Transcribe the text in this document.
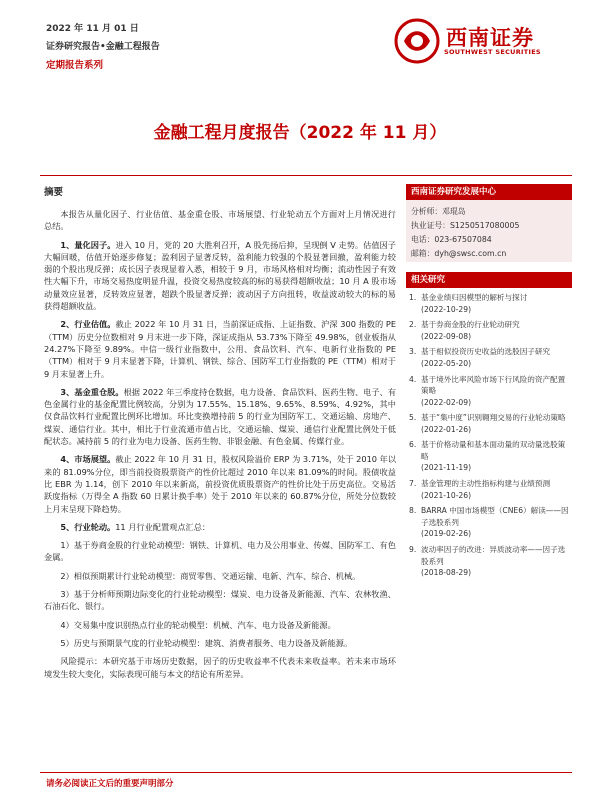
2022 年 11 月 01 日
证券研究报告•金融工程报告
定期报告系列
西南证券
SOUTHWEST SECURITIES
金融工程月度报告（2022 年 11 月）
摘要

本报告从量化因子、行业估值、基金重仓股、市场展望、行业轮动五个方面对上月情况进行总结。

1、量化因子。进入 10 月，党的 20 大胜利召开，A 股先扬后抑，呈现倒 V 走势。估值因子大幅回暖，估值开始逐步修复；盈利因子显著反转，盈利能力较强的个股显著回撤，盈利能力较弱的个股出现反弹；成长因子表现显着入悉，相较于 9 月，市场风格相对均衡；流动性因子有效性大幅下升，市场交易热度明显升温，投资交易热度较高的标的易获得超额收益；10 月 A 股市场动量效应显著，反转效应显著，超跌个股显著反弹；波动因子方向扭转，收益波动较大的标的易获得超额收益。

2、行业估值。截止 2022 年 10 月 31 日，当前深证成指、上证指数、沪深 300 指数的 PE（TTM）历史分位数相对 9 月末进一步下降，深证成指从 53.73%下降至 49.98%，创业板指从 24.27%下降至 9.89%。中信一级行业指数中，公用、食品饮料、汽车、电新行业指数的 PE（TTM）相对于 9 月末显著下降，计算机、钢铁、综合、国防军工行业指数的 PE（TTM）相对于 9 月末显著上升。

3、基金重仓股。根据 2022 年三季度持仓数据，电力设备、食品饮料、医药生物、电子、有色金属行业的基金配置比例较高，分别为 17.55%、15.18%、9.65%、8.59%、4.92%，其中仅食品饮料行业配置比例环比增加。环比变换增持前 5 的行业为国防军工、交通运输、房地产、煤炭、通信行业。其中，相比于行业流通市值占比，交通运输、煤炭、通信行业配置比例处于低配状态。减持前 5 的行业为电力设备、医药生物、非银金融、有色金属、传媒行业。

4、市场展望。截止 2022 年 10 月 31 日，股权风险溢价 ERP 为 3.71%，处于 2010 年以来的 81.09%分位，即当前投资股票资产的性价比超过 2010 年以来 81.09%的时间。股债收益比 EBR 为 1.14，创下 2010 年以来新高，前投资优质股票资产的性价比处于历史高位。交易活跃度指标（万得全 A 指数 60 日累计换手率）处于 2010 年以来的 60.87%分位，所处分位数较上月末呈现下降趋势。

5、行业轮动。11 月行业配置观点汇总：

1）基于券商金股的行业轮动模型：钢铁、计算机、电力及公用事业、传媒、国防军工、有色金属。

2）相似预期累计行业轮动模型：商贸零售、交通运输、电新、汽车、综合、机械。

3）基于分析师预期边际变化的行业轮动模型：煤炭、电力设备及新能源、汽车、农林牧渔、石油石化、银行。

4）交易集中度识别热点行业的轮动模型：机械、汽车、电力设备及新能源。

5）历史与预期景气度的行业轮动模型：建筑、消费者服务、电力设备及新能源。

风险提示：本研究基于市场历史数据，因子的历史收益率不代表未来收益率。若未来市场环境发生较大变化，实际表现可能与本文的结论有所差异。

西南证券研究发展中心
分析师：邓琨岛
执业证号：S1250517080005
电话：023-67507084
邮箱：dyh@swsc.com.cn
相关研究
1. 基金业绩归因模型的解析与探讨
(2022-10-29)
2. 基于券商金股的行业轮动研究
(2022-09-08)
3. 基于相似投资历史收益的选股因子研究
(2022-05-20)
4. 基于境外比率风险市场下行风险的资产配置策略
(2022-02-09)
5. 基于“集中度”识别翱翔交易的行业轮动策略
(2022-01-26)
6. 基于价格动量和基本面动量的双动量选股策略
(2021-11-19)
7. 基金管理的主动性指标构建与业绩预测
(2021-10-26)
8. BARRA 中国市场模型（CNE6）解读——因子选股系列
(2019-02-26)
9. 波动率因子的改进：异质波动率——因子选股系列
(2018-08-29)
请务必阅读正文后的重要声明部分
